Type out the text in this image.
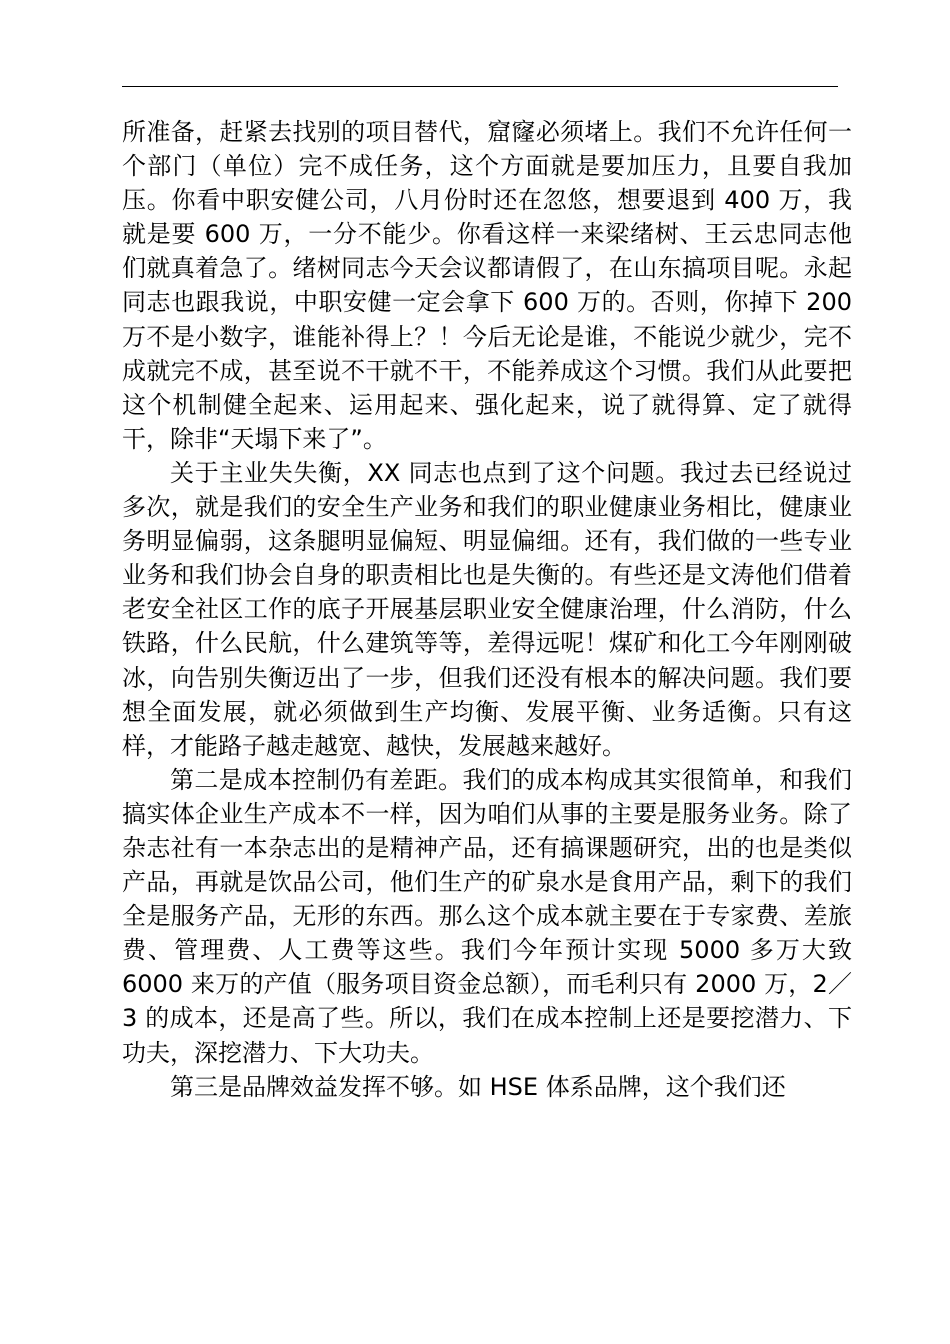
所准备，赶紧去找别的项目替代，窟窿必须堵上。我们不允许任何一个部门（单位）完不成任务，这个方面就是要加压力，且要自我加压。你看中职安健公司，八月份时还在忽悠，想要退到 400 万，我就是要 600 万，一分不能少。你看这样一来梁绪树、王云忠同志他们就真着急了。绪树同志今天会议都请假了，在山东搞项目呢。永起同志也跟我说，中职安健一定会拿下 600 万的。否则，你掉下 200 万不是小数字，谁能补得上？！今后无论是谁，不能说少就少，完不成就完不成，甚至说不干就不干，不能养成这个习惯。我们从此要把这个机制健全起来、运用起来、强化起来，说了就得算、定了就得干，除非“天塌下来了”。

关于主业失失衡，XX 同志也点到了这个问题。我过去已经说过多次，就是我们的安全生产业务和我们的职业健康业务相比，健康业务明显偏弱，这条腿明显偏短、明显偏细。还有，我们做的一些专业业务和我们协会自身的职责相比也是失衡的。有些还是文涛他们借着老安全社区工作的底子开展基层职业安全健康治理，什么消防，什么铁路，什么民航，什么建筑等等，差得远呢！煤矿和化工今年刚刚破冰，向告别失衡迈出了一步，但我们还没有根本的解决问题。我们要想全面发展，就必须做到生产均衡、发展平衡、业务适衡。只有这样，才能路子越走越宽、越快，发展越来越好。

第二是成本控制仍有差距。我们的成本构成其实很简单，和我们搞实体企业生产成本不一样，因为咱们从事的主要是服务业务。除了杂志社有一本杂志出的是精神产品，还有搞课题研究，出的也是类似产品，再就是饮品公司，他们生产的矿泉水是食用产品，剩下的我们全是服务产品，无形的东西。那么这个成本就主要在于专家费、差旅费、管理费、人工费等这些。我们今年预计实现 5000 多万大致 6000 来万的产值（服务项目资金总额），而毛利只有 2000 万，2／3 的成本，还是高了些。所以，我们在成本控制上还是要挖潜力、下功夫，深挖潜力、下大功夫。

第三是品牌效益发挥不够。如 HSE 体系品牌，这个我们还
